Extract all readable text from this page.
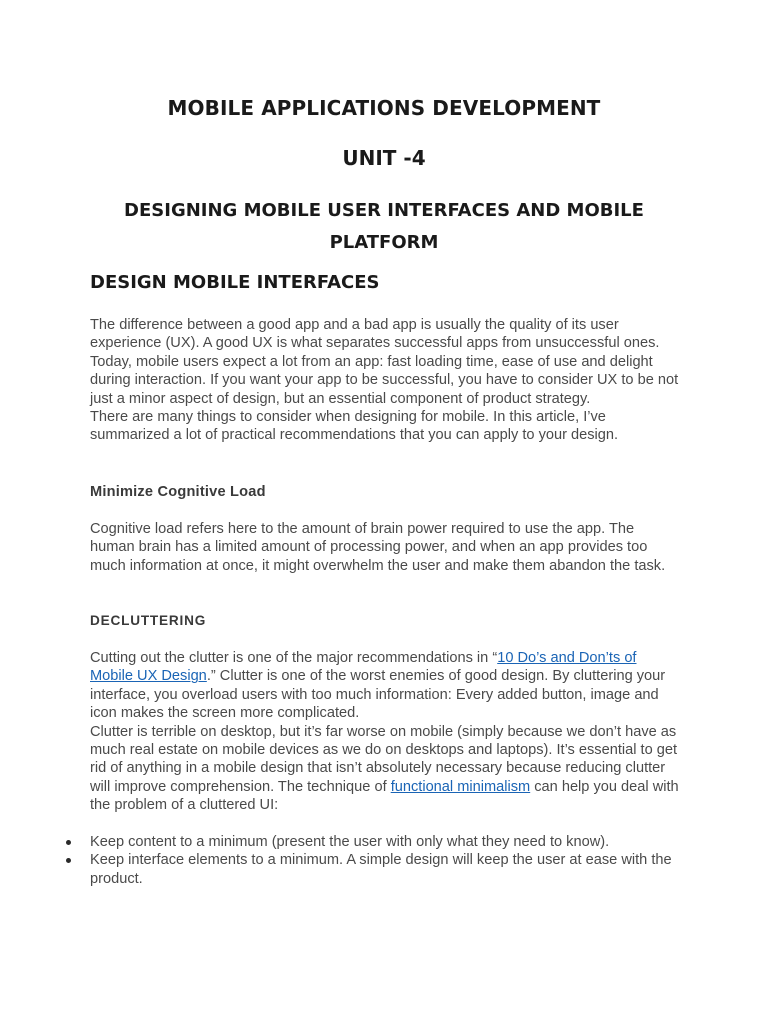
MOBILE APPLICATIONS DEVELOPMENT
UNIT -4
DESIGNING MOBILE USER INTERFACES AND MOBILE PLATFORM
DESIGN MOBILE INTERFACES

The difference between a good app and a bad app is usually the quality of its user experience (UX). A good UX is what separates successful apps from unsuccessful ones. Today, mobile users expect a lot from an app: fast loading time, ease of use and delight during interaction. If you want your app to be successful, you have to consider UX to be not just a minor aspect of design, but an essential component of product strategy.

There are many things to consider when designing for mobile. In this article, I’ve summarized a lot of practical recommendations that you can apply to your design.

Minimize Cognitive Load

Cognitive load refers here to the amount of brain power required to use the app. The human brain has a limited amount of processing power, and when an app provides too much information at once, it might overwhelm the user and make them abandon the task.

DECLUTTERING

Cutting out the clutter is one of the major recommendations in “10 Do’s and Don’ts of Mobile UX Design.” Clutter is one of the worst enemies of good design. By cluttering your interface, you overload users with too much information: Every added button, image and icon makes the screen more complicated.

Clutter is terrible on desktop, but it’s far worse on mobile (simply because we don’t have as much real estate on mobile devices as we do on desktops and laptops). It’s essential to get rid of anything in a mobile design that isn’t absolutely necessary because reducing clutter will improve comprehension. The technique of functional minimalism can help you deal with the problem of a cluttered UI:

Keep content to a minimum (present the user with only what they need to know).
Keep interface elements to a minimum. A simple design will keep the user at ease with the product.
